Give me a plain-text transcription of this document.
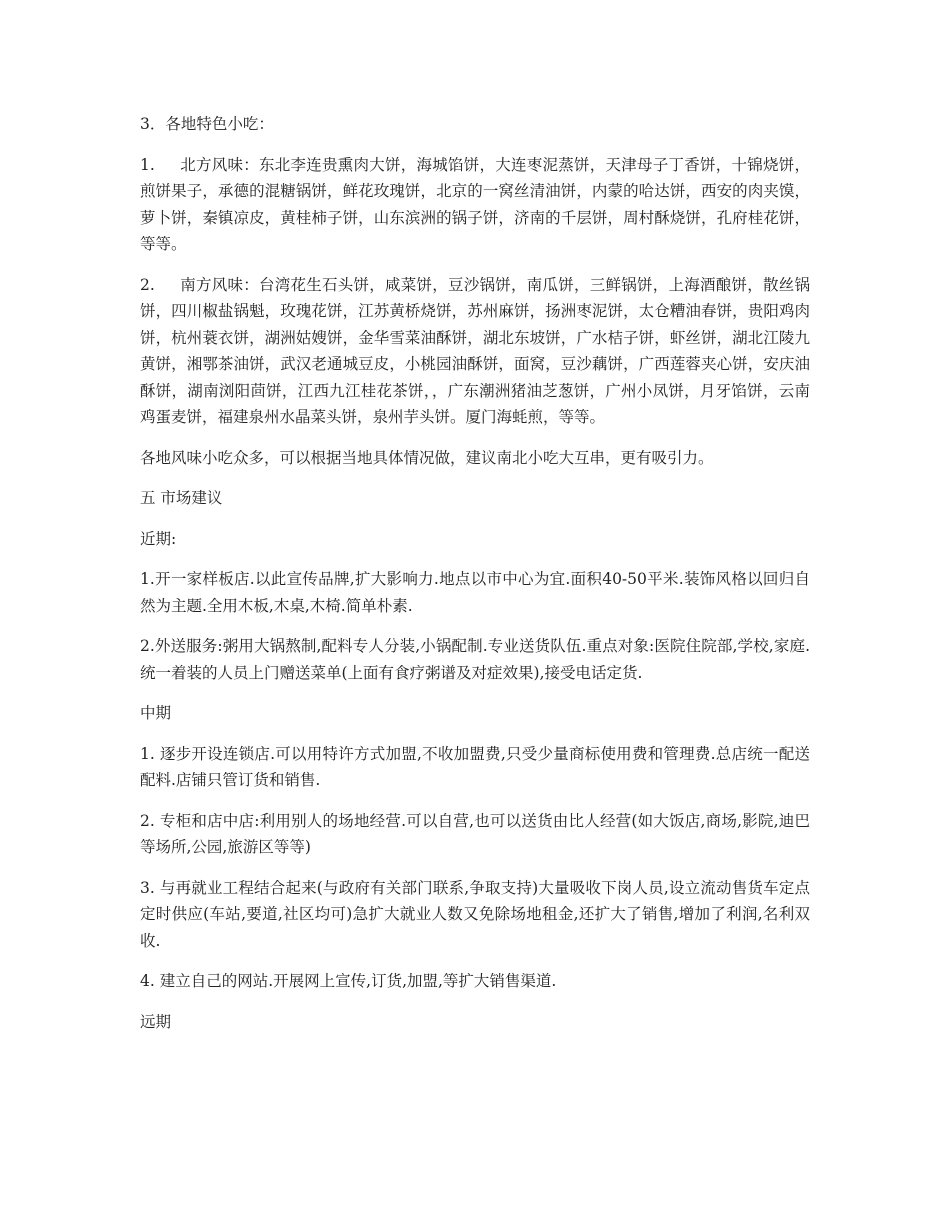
3．各地特色小吃：

1. 北方风味：东北李连贵熏肉大饼，海城馅饼，大连枣泥蒸饼，天津母子丁香饼，十锦烧饼，煎饼果子，承德的混糖锅饼，鲜花玫瑰饼，北京的一窝丝清油饼，内蒙的哈达饼，西安的肉夹馍，萝卜饼，秦镇凉皮，黄桂柿子饼，山东滨洲的锅子饼，济南的千层饼，周村酥烧饼，孔府桂花饼，等等。

2. 南方风味：台湾花生石头饼，咸菜饼，豆沙锅饼，南瓜饼，三鲜锅饼，上海酒酿饼，散丝锅饼，四川椒盐锅魁，玫瑰花饼，江苏黄桥烧饼，苏州麻饼，扬洲枣泥饼，太仓糟油春饼，贵阳鸡肉饼，杭州蓑衣饼，湖洲姑嫂饼，金华雪菜油酥饼，湖北东坡饼，广水桔子饼，虾丝饼，湖北江陵九黄饼，湘鄂茶油饼，武汉老通城豆皮，小桃园油酥饼，面窝，豆沙藕饼，广西莲蓉夹心饼，安庆油酥饼，湖南浏阳茴饼，江西九江桂花茶饼，，广东潮洲猪油芝葱饼，广州小凤饼，月牙馅饼，云南鸡蛋麦饼，福建泉州水晶菜头饼，泉州芋头饼。厦门海蚝煎，等等。

各地风味小吃众多，可以根据当地具体情况做，建议南北小吃大互串，更有吸引力。

五 市场建议

近期:

1.开一家样板店.以此宣传品牌,扩大影响力.地点以市中心为宜.面积40-50平米.装饰风格以回归自然为主题.全用木板,木桌,木椅.简单朴素.

2.外送服务:粥用大锅熬制,配料专人分装,小锅配制.专业送货队伍.重点对象:医院住院部,学校,家庭.统一着装的人员上门赠送菜单(上面有食疗粥谱及对症效果),接受电话定货.

中期

1. 逐步开设连锁店.可以用特许方式加盟,不收加盟费,只受少量商标使用费和管理费.总店统一配送配料.店铺只管订货和销售.

2. 专柜和店中店:利用别人的场地经营.可以自营,也可以送货由比人经营(如大饭店,商场,影院,迪巴等场所,公园,旅游区等等)

3. 与再就业工程结合起来(与政府有关部门联系,争取支持)大量吸收下岗人员,设立流动售货车定点定时供应(车站,要道,社区均可)急扩大就业人数又免除场地租金,还扩大了销售,增加了利润,名利双收.

4. 建立自己的网站.开展网上宣传,订货,加盟,等扩大销售渠道.

远期
